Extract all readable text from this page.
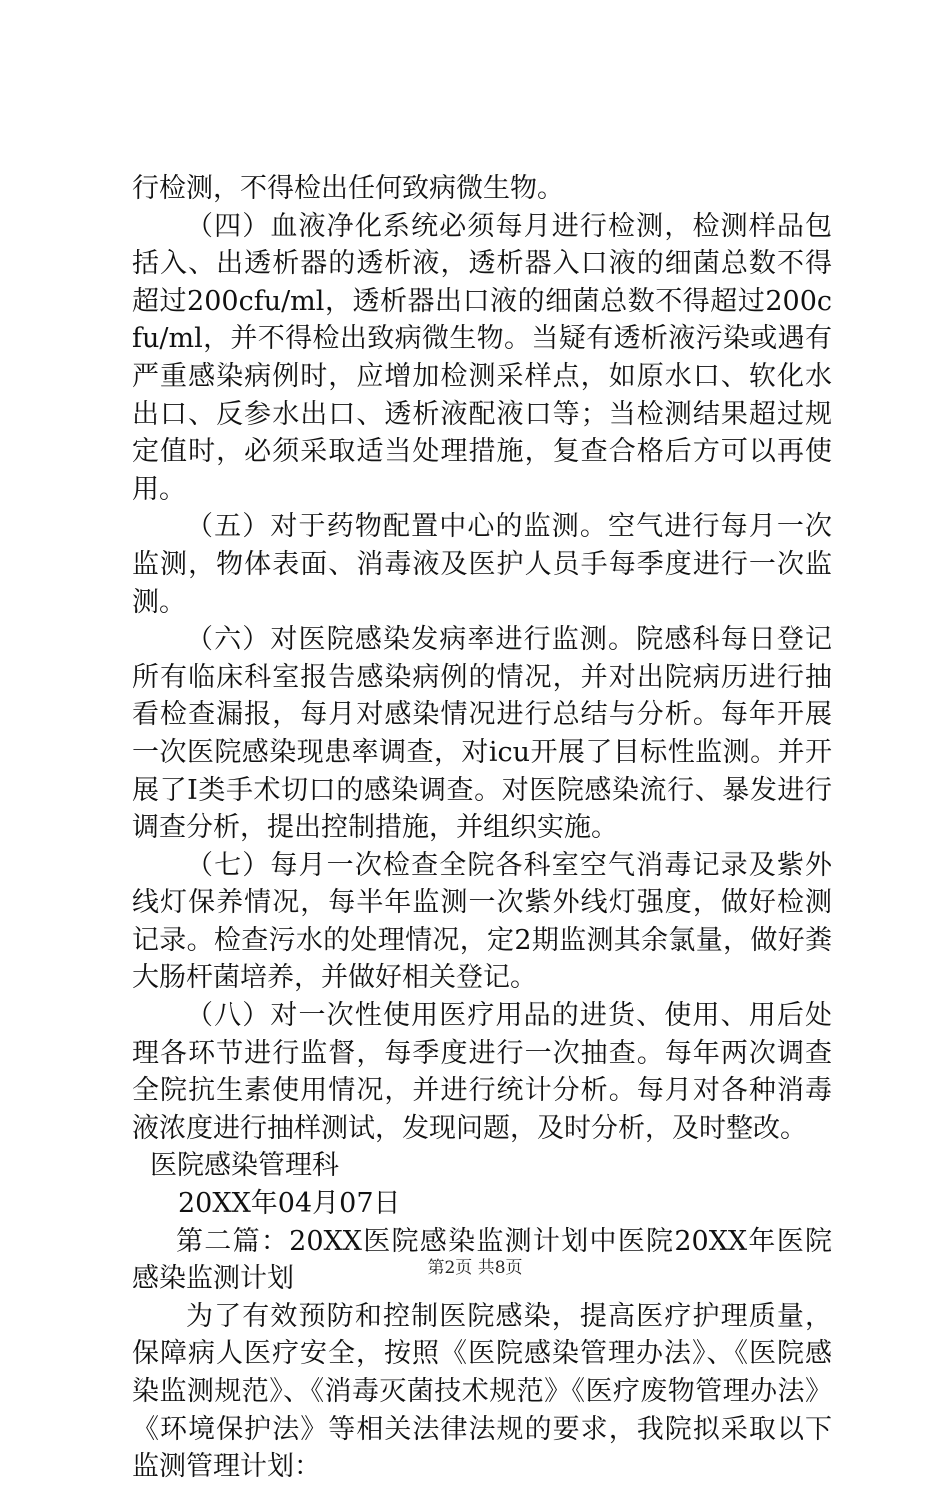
行检测，不得检出任何致病微生物。

（四）血液净化系统必须每月进行检测，检测样品包括入、出透析器的透析液，透析器入口液的细菌总数不得超过200cfu/ml，透析器出口液的细菌总数不得超过200cfu/ml，并不得检出致病微生物。当疑有透析液污染或遇有严重感染病例时，应增加检测采样点，如原水口、软化水出口、反参水出口、透析液配液口等；当检测结果超过规定值时，必须采取适当处理措施，复查合格后方可以再使用。

（五）对于药物配置中心的监测。空气进行每月一次监测，物体表面、消毒液及医护人员手每季度进行一次监测。

（六）对医院感染发病率进行监测。院感科每日登记所有临床科室报告感染病例的情况，并对出院病历进行抽看检查漏报，每月对感染情况进行总结与分析。每年开展一次医院感染现患率调查，对icu开展了目标性监测。并开展了Ⅰ类手术切口的感染调查。对医院感染流行、暴发进行调查分析，提出控制措施，并组织实施。

（七）每月一次检查全院各科室空气消毒记录及紫外线灯保养情况，每半年监测一次紫外线灯强度，做好检测记录。检查污水的处理情况，定2期监测其余氯量，做好粪大肠杆菌培养，并做好相关登记。

（八）对一次性使用医疗用品的进货、使用、用后处理各环节进行监督，每季度进行一次抽查。每年两次调查全院抗生素使用情况，并进行统计分析。每月对各种消毒液浓度进行抽样测试，发现问题，及时分析，及时整改。

医院感染管理科

20XX年04月07日

第二篇：20XX医院感染监测计划中医院20XX年医院感染监测计划

为了有效预防和控制医院感染，提高医疗护理质量，保障病人医疗安全，按照《医院感染管理办法》、《医院感染监测规范》、《消毒灭菌技术规范》《医疗废物管理办法》《环境保护法》等相关法律法规的要求，我院拟采取以下监测管理计划：

第2页 共8页
